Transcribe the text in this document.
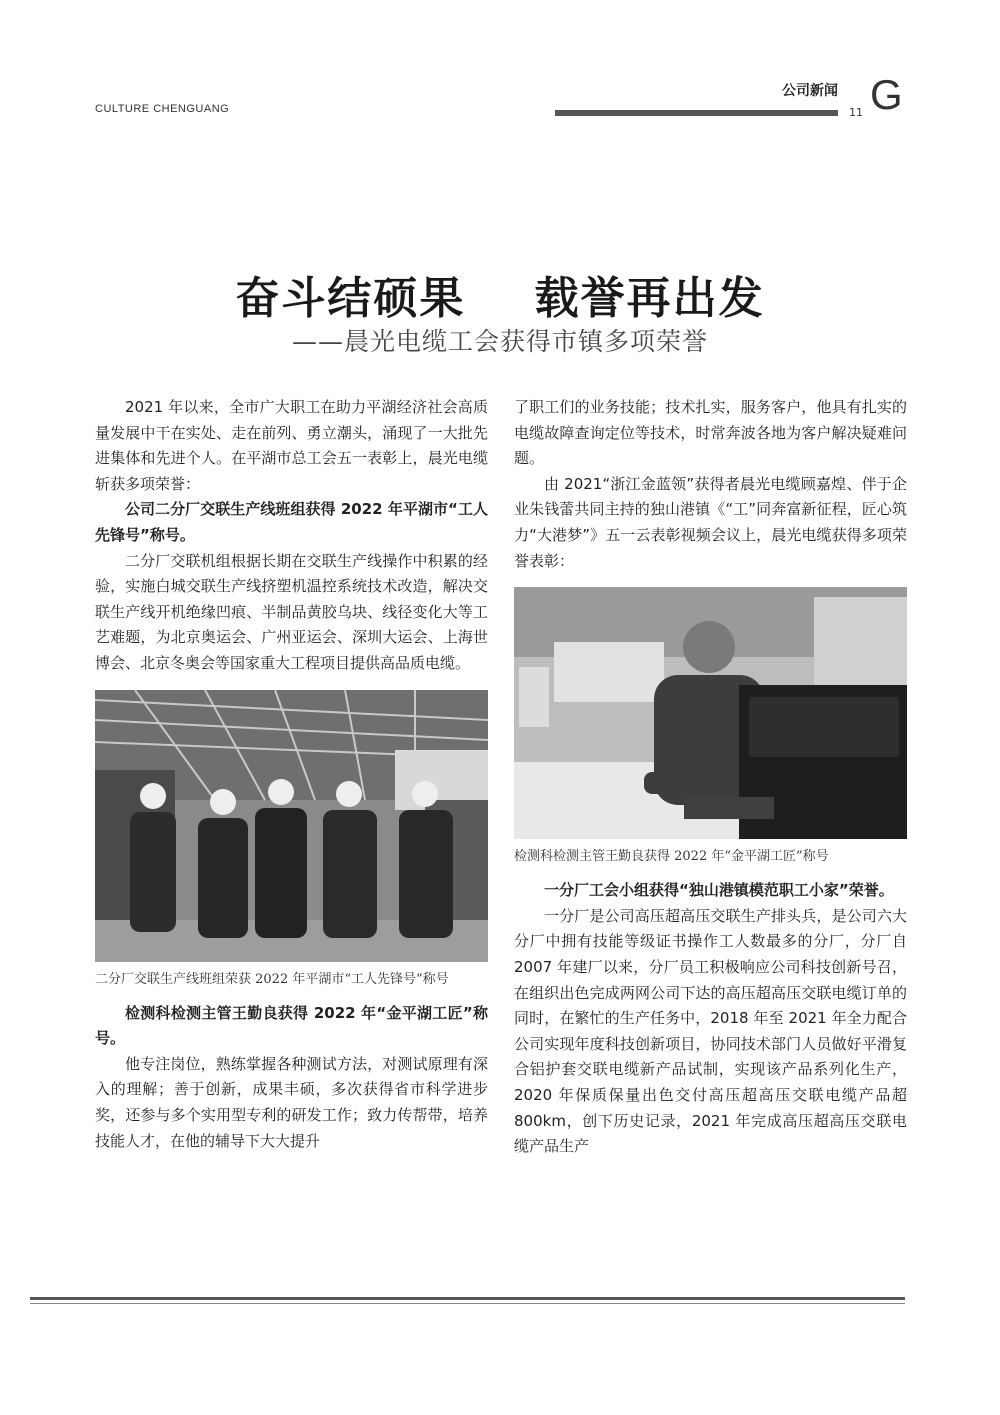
CULTURE CHENGUANG
公司新闻
11 G
奋斗结硕果    载誉再出发
——晨光电缆工会获得市镇多项荣誉

2021 年以来，全市广大职工在助力平湖经济社会高质量发展中干在实处、走在前列、勇立潮头，涌现了一大批先进集体和先进个人。在平湖市总工会五一表彰上，晨光电缆斩获多项荣誉：

公司二分厂交联生产线班组获得 2022 年平湖市“工人先锋号”称号。

二分厂交联机组根据长期在交联生产线操作中积累的经验，实施白城交联生产线挤塑机温控系统技术改造，解决交联生产线开机绝缘凹痕、半制品黄胶乌块、线径变化大等工艺难题，为北京奥运会、广州亚运会、深圳大运会、上海世博会、北京冬奥会等国家重大工程项目提供高品质电缆。

二分厂交联生产线班组荣获 2022 年平湖市“工人先锋号”称号

检测科检测主管王勤良获得 2022 年“金平湖工匠”称号。

他专注岗位，熟练掌握各种测试方法，对测试原理有深入的理解；善于创新，成果丰硕，多次获得省市科学进步奖，还参与多个实用型专利的研发工作；致力传帮带，培养技能人才，在他的辅导下大大提升

了职工们的业务技能；技术扎实，服务客户，他具有扎实的电缆故障查询定位等技术，时常奔波各地为客户解决疑难问题。

由 2021“浙江金蓝领”获得者晨光电缆顾嘉煌、伴于企业朱钱蕾共同主持的独山港镇《“工”同奔富新征程，匠心筑力“大港梦”》五一云表彰视频会议上，晨光电缆获得多项荣誉表彰：

检测科检测主管王勤良获得 2022 年“金平湖工匠”称号

一分厂工会小组获得“独山港镇模范职工小家”荣誉。

一分厂是公司高压超高压交联生产排头兵，是公司六大分厂中拥有技能等级证书操作工人数最多的分厂，分厂自 2007 年建厂以来，分厂员工积极响应公司科技创新号召，在组织出色完成两网公司下达的高压超高压交联电缆订单的同时，在繁忙的生产任务中，2018 年至 2021 年全力配合公司实现年度科技创新项目，协同技术部门人员做好平滑复合铝护套交联电缆新产品试制，实现该产品系列化生产，2020 年保质保量出色交付高压超高压交联电缆产品超 800km，创下历史记录，2021 年完成高压超高压交联电缆产品生产
